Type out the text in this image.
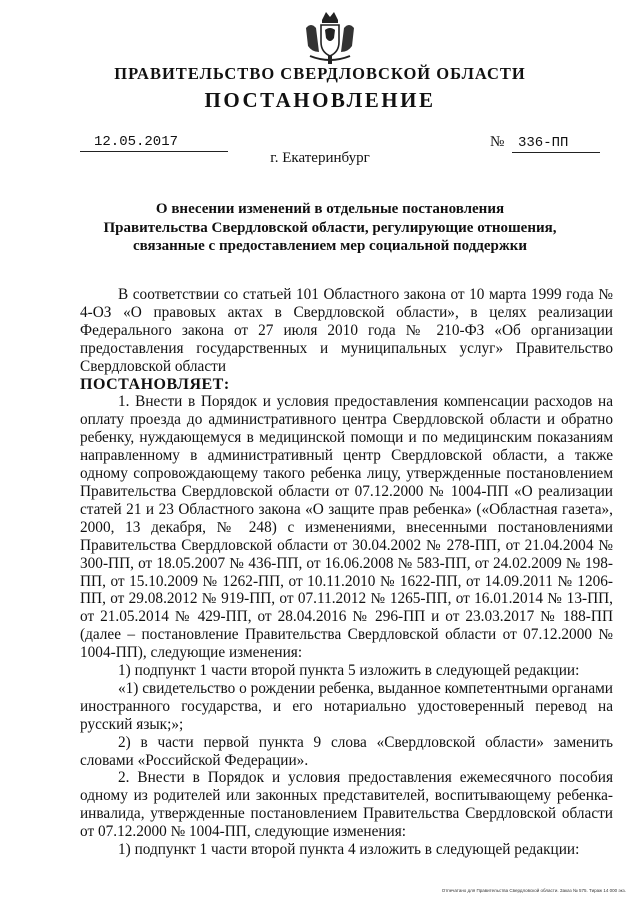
ПРАВИТЕЛЬСТВО СВЕРДЛОВСКОЙ ОБЛАСТИ
ПОСТАНОВЛЕНИЕ
12.05.2017	№ 336-ПП
г. Екатеринбург
О внесении изменений в отдельные постановления
Правительства Свердловской области, регулирующие отношения,
связанные с предоставлением мер социальной поддержки

В соответствии со статьей 101 Областного закона от 10 марта 1999 года № 4-ОЗ «О правовых актах в Свердловской области», в целях реализации Федерального закона от 27 июля 2010 года № 210-ФЗ «Об организации предоставления государственных и муниципальных услуг» Правительство Свердловской области

ПОСТАНОВЛЯЕТ:

1. Внести в Порядок и условия предоставления компенсации расходов на оплату проезда до административного центра Свердловской области и обратно ребенку, нуждающемуся в медицинской помощи и по медицинским показаниям направленному в административный центр Свердловской области, а также одному сопровождающему такого ребенка лицу, утвержденные постановлением Правительства Свердловской области от 07.12.2000 № 1004-ПП «О реализации статей 21 и 23 Областного закона «О защите прав ребенка» («Областная газета», 2000, 13 декабря, № 248) с изменениями, внесенными постановлениями Правительства Свердловской области от 30.04.2002 № 278-ПП, от 21.04.2004 № 300-ПП, от 18.05.2007 № 436-ПП, от 16.06.2008 № 583-ПП, от 24.02.2009 № 198-ПП, от 15.10.2009 № 1262-ПП, от 10.11.2010 № 1622-ПП, от 14.09.2011 № 1206-ПП, от 29.08.2012 № 919-ПП, от 07.11.2012 № 1265-ПП, от 16.01.2014 № 13-ПП, от 21.05.2014 № 429-ПП, от 28.04.2016 № 296-ПП и от 23.03.2017 № 188-ПП (далее – постановление Правительства Свердловской области от 07.12.2000 № 1004-ПП), следующие изменения:

1) подпункт 1 части второй пункта 5 изложить в следующей редакции:

«1) свидетельство о рождении ребенка, выданное компетентными органами иностранного государства, и его нотариально удостоверенный перевод на русский язык;»;

2) в части первой пункта 9 слова «Свердловской области» заменить словами «Российской Федерации».

2. Внести в Порядок и условия предоставления ежемесячного пособия одному из родителей или законных представителей, воспитывающему ребенка-инвалида, утвержденные постановлением Правительства Свердловской области от 07.12.2000 № 1004-ПП, следующие изменения:

1) подпункт 1 части второй пункта 4 изложить в следующей редакции:

Отпечатано для Правительства Свердловской области. Заказ № 575. Тираж 14 000 экз.
